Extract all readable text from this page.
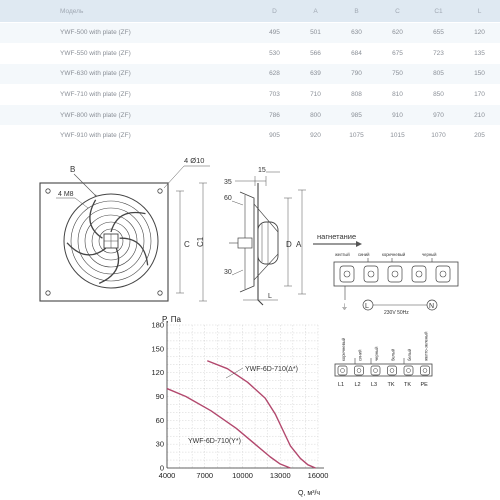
Модель	D	A	B	C	C1	L
YWF-500 with plate (ZF)	495	501	630	620	655	120
YWF-550 with plate (ZF)	530	566	684	675	723	135
YWF-630 with plate (ZF)	628	639	790	750	805	150
YWF-710 with plate (ZF)	703	710	808	810	850	170
YWF-800 with plate (ZF)	786	800	985	910	970	210
YWF-910 with plate (ZF)	905	920	1075	1015	1070	205
B
4 M8
4 Ø10
C C1
35
15
60
30
D A
L
нагнетание
желтый синий	коричневый	черный
⏚ L	N
230V 50Hz
коричневый	синий	черный	белый	белый	желто-зеленый
L1 L2 L3 TK TK PE
0
30
60
90
120
150
180
4000	7000	10000 13000 16000
P, Па
Q, м³/ч
YWF-6D-710(Δ*)
YWF-6D-710(Y*)
